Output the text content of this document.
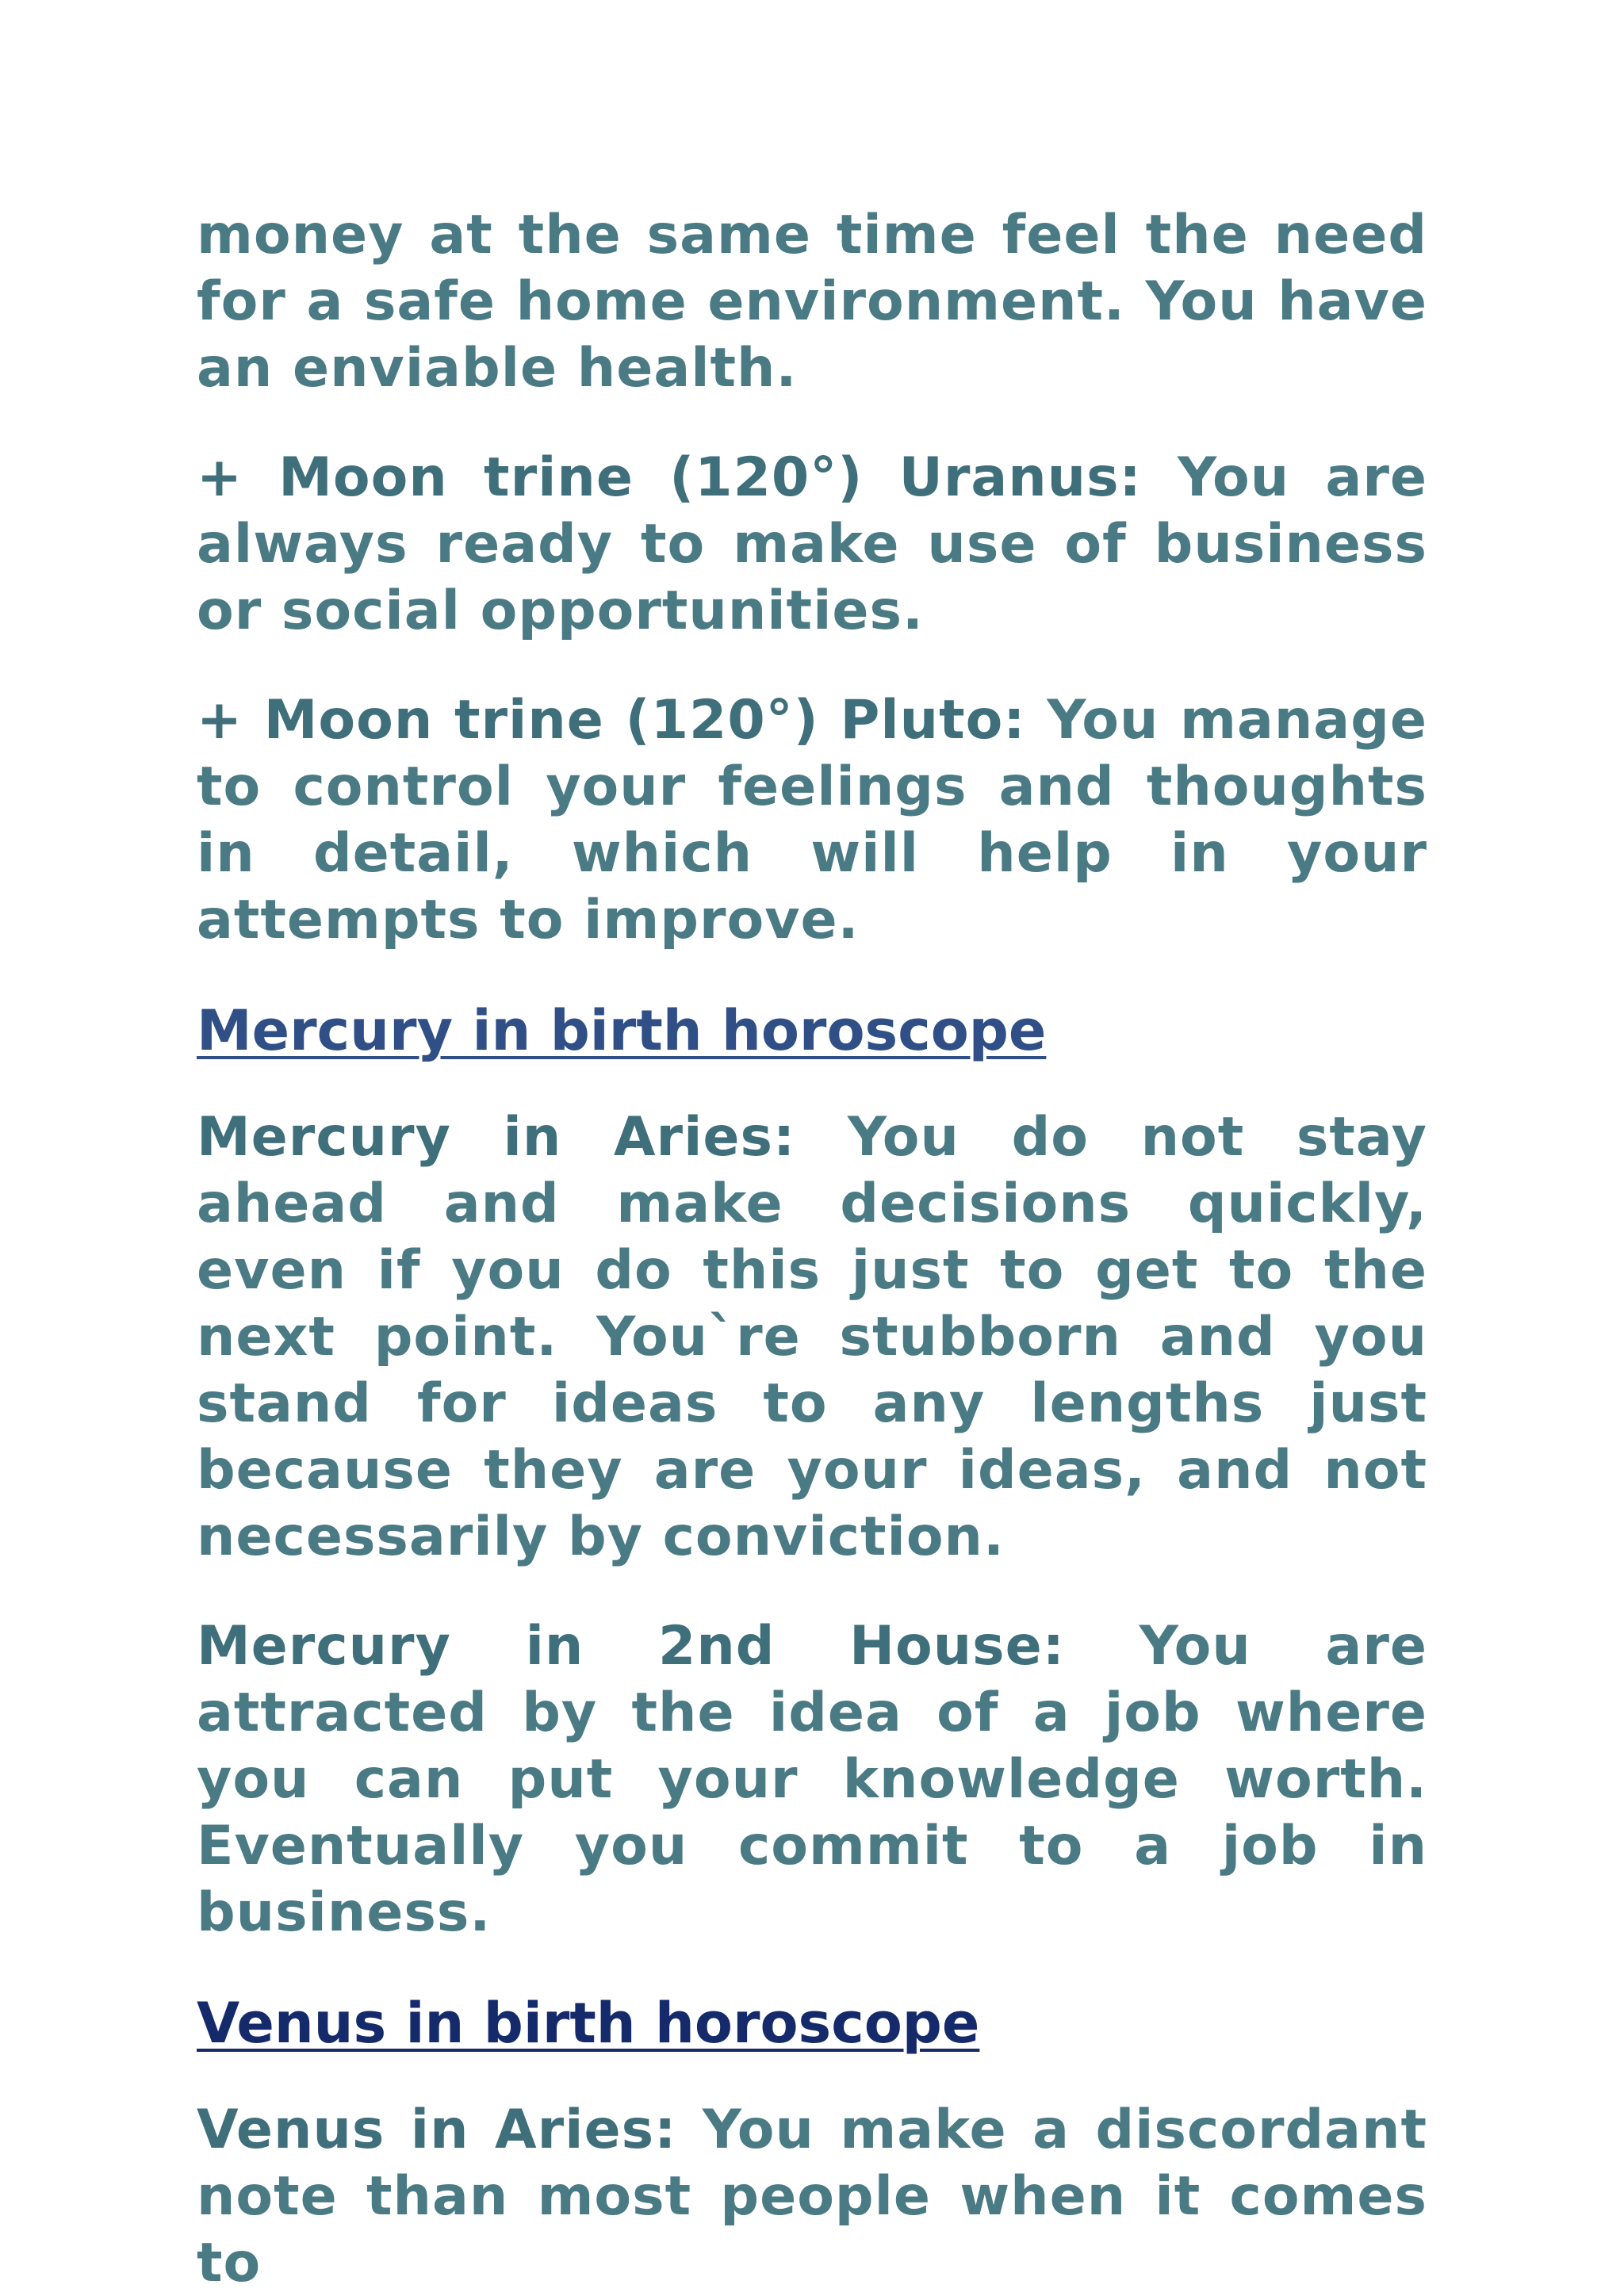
money at the same time feel the need for a safe home environment. You have an enviable health.

+ Moon trine (120°) Uranus: You are always ready to make use of business or social opportunities.

+ Moon trine (120°) Pluto: You manage to control your feelings and thoughts in detail, which will help in your attempts to improve.

Mercury in birth horoscope

Mercury in Aries: You do not stay ahead and make decisions quickly, even if you do this just to get to the next point. You`re stubborn and you stand for ideas to any lengths just because they are your ideas, and not necessarily by conviction.

Mercury in 2nd House: You are attracted by the idea of a job where you can put your knowledge worth. Eventually you commit to a job in business.

Venus in birth horoscope

Venus in Aries: You make a discordant note than most people when it comes to
